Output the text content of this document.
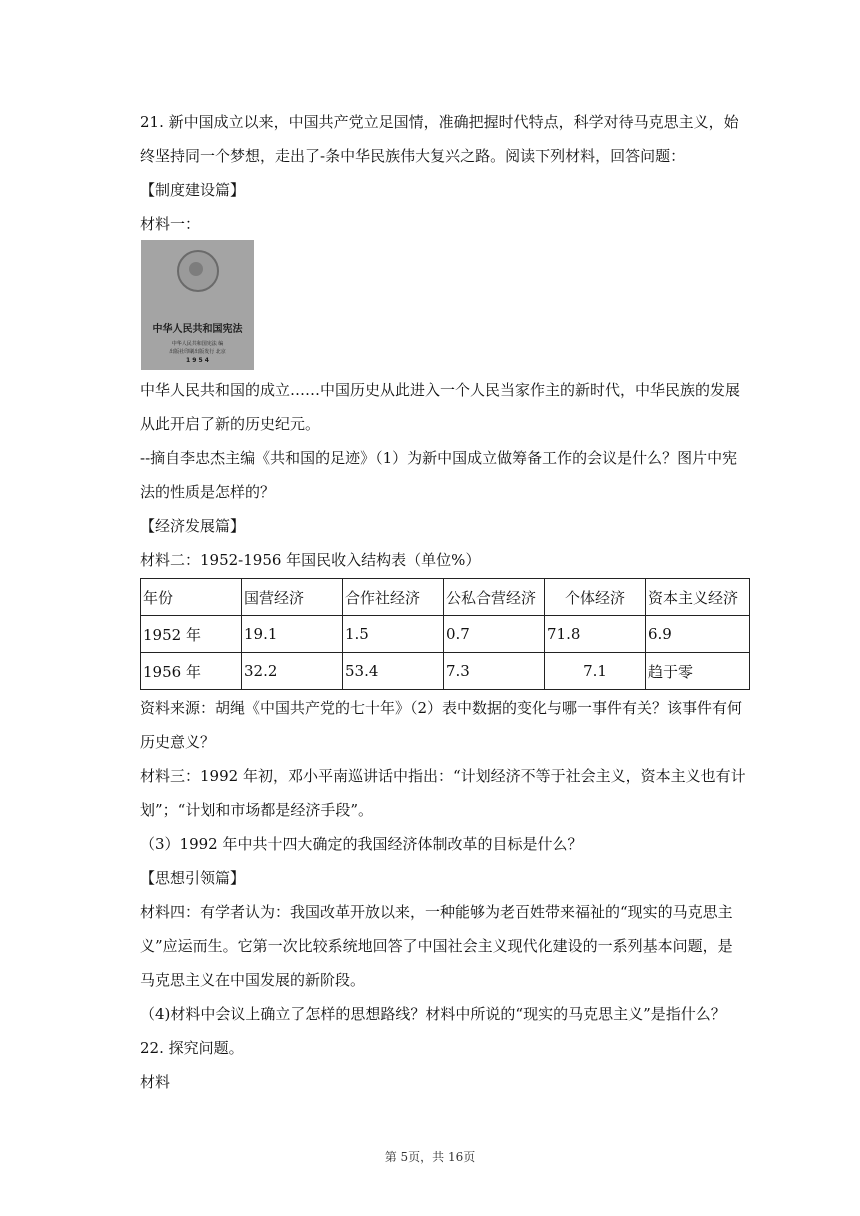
21. 新中国成立以来，中国共产党立足国情，准确把握时代特点，科学对待马克思主义，始
终坚持同一个梦想，走出了-条中华民族伟大复兴之路。阅读下列材料，回答问题：
【制度建设篇】
材料一：
中华人民共和国宪法
中华人民共和国宪法 编
出版社印刷出版发行 北京
1 9 5 4
中华人民共和国的成立……中国历史从此进入一个人民当家作主的新时代，中华民族的发展
从此开启了新的历史纪元。
--摘自李忠杰主编《共和国的足迹》（1）为新中国成立做筹备工作的会议是什么？图片中宪
法的性质是怎样的？
【经济发展篇】
材料二：1952-1956 年国民收入结构表（单位%）
年份	国营经济	合作社经济	公私合营经济	个体经济	资本主义经济
1952 年	19.1	1.5	0.7	71.8	6.9
1956 年	32.2	53.4	7.3	7.1	趋于零
资料来源：胡绳《中国共产党的七十年》（2）表中数据的变化与哪一事件有关？该事件有何
历史意义？
材料三：1992 年初，邓小平南巡讲话中指出：“计划经济不等于社会主义，资本主义也有计
划”；“计划和市场都是经济手段”。
（3）1992 年中共十四大确定的我国经济体制改革的目标是什么？
【思想引领篇】
材料四：有学者认为：我国改革开放以来，一种能够为老百姓带来福祉的“现实的马克思主
义”应运而生。它第一次比较系统地回答了中国社会主义现代化建设的一系列基本问题，是
马克思主义在中国发展的新阶段。
（4)材料中会议上确立了怎样的思想路线？材料中所说的“现实的马克思主义”是指什么？
22. 探究问题。
材料
第 5页，共 16页
